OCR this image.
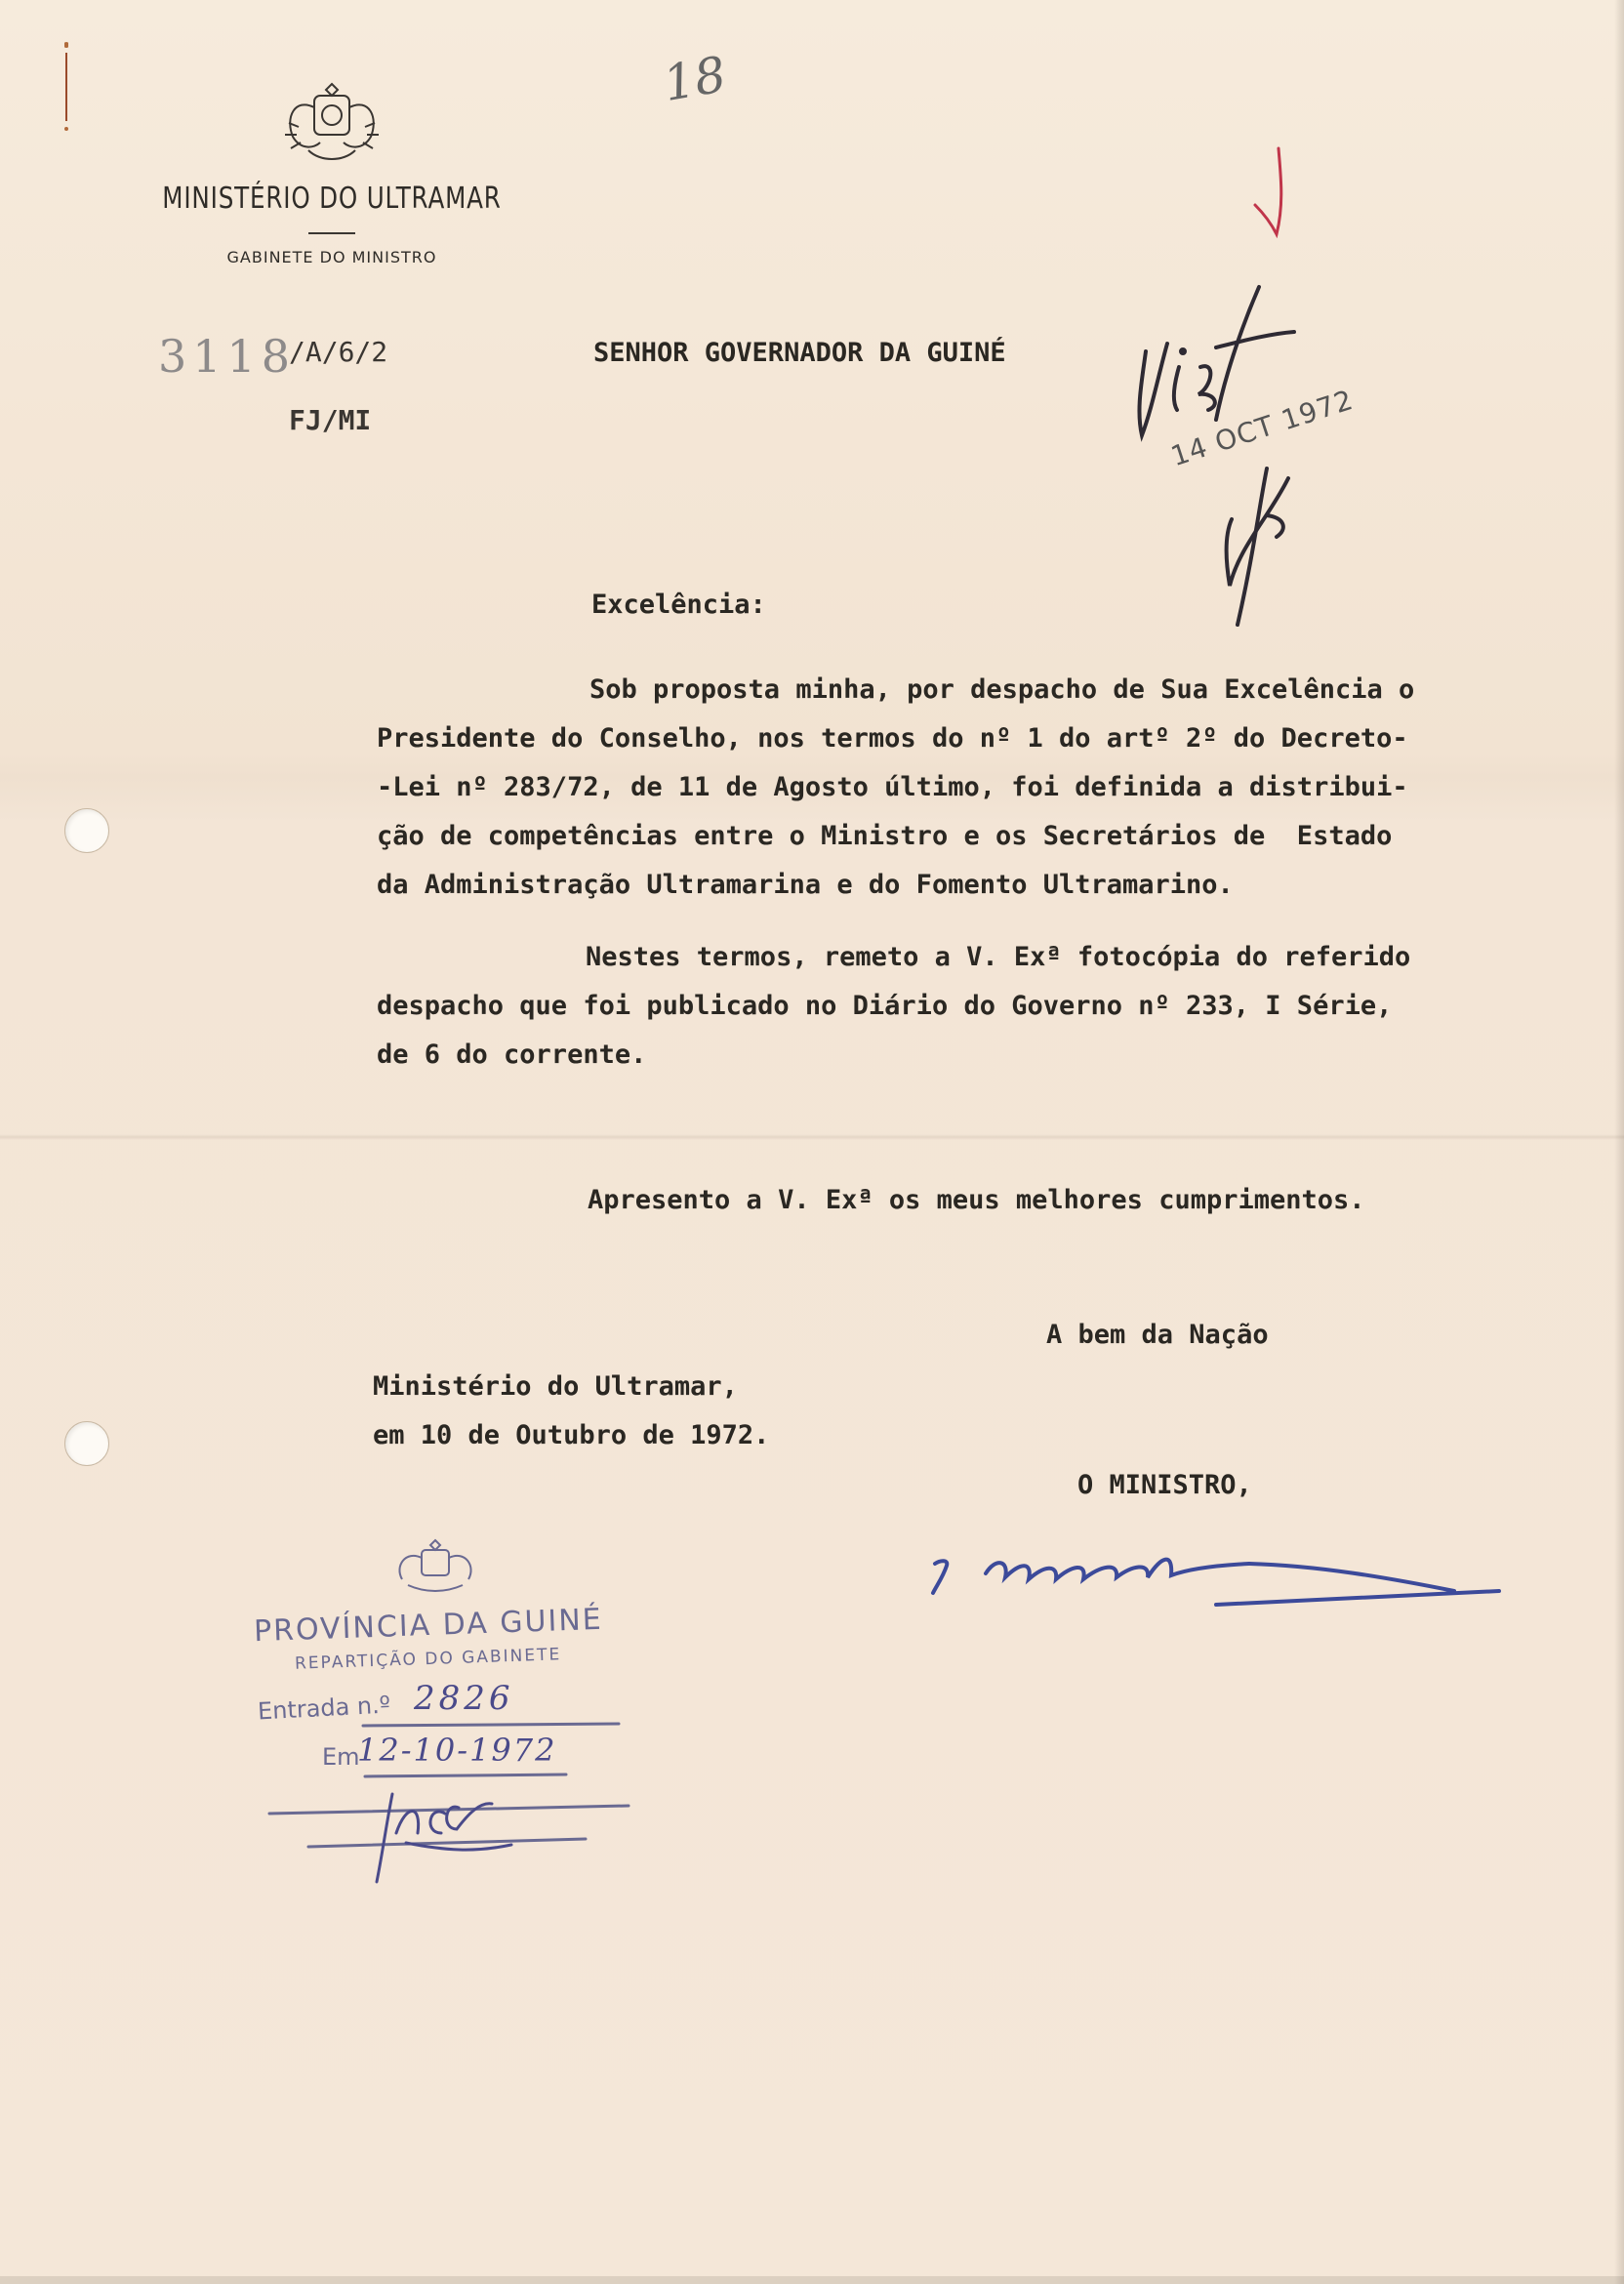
MINISTÉRIO DO ULTRAMAR
GABINETE DO MINISTRO
18
3118
/A/6/2
FJ/MI
SENHOR GOVERNADOR DA GUINÉ
14 OCT 1972
Excelência:
Sob proposta minha, por despacho de Sua Excelência o
Presidente do Conselho, nos termos do nº 1 do artº 2º do Decreto-
-Lei nº 283/72, de 11 de Agosto último, foi definida a distribui-
ção de competências entre o Ministro e os Secretários de  Estado
da Administração Ultramarina e do Fomento Ultramarino.
Nestes termos, remeto a V. Exª fotocópia do referido
despacho que foi publicado no Diário do Governo nº 233, I Série,
de 6 do corrente.
Apresento a V. Exª os meus melhores cumprimentos.
A bem da Nação
Ministério do Ultramar,
em 10 de Outubro de 1972.
O MINISTRO,
PROVÍNCIA DA GUINÉ
REPARTIÇÃO DO GABINETE
Entrada n.º 2826
Em
12-10-1972
